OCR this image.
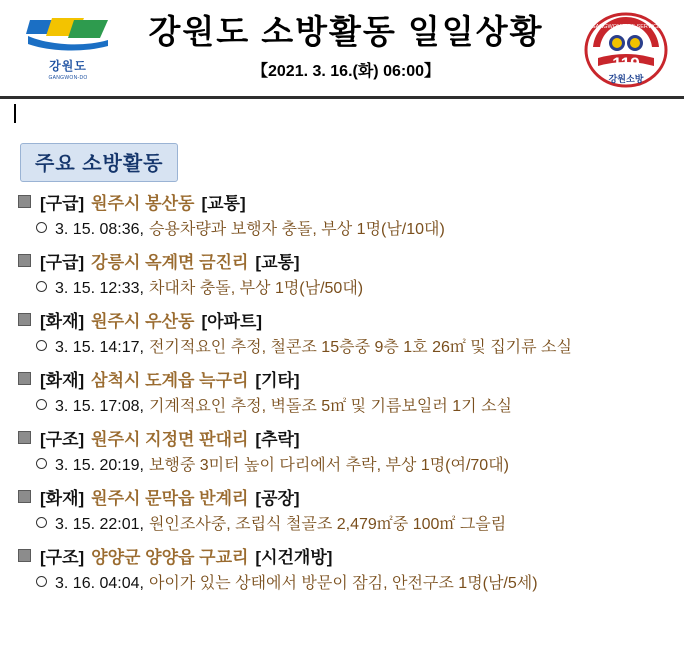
강원도
GANGWON-DO
강원도 소방활동 일일상황
【2021. 3. 16.(화) 06:00】
GANGWON FIRE SERVICE
119
강원소방
주요 소방활동
[구급] 원주시 봉산동 [교통]
3. 15. 08:36, 승용차량과 보행자 충돌, 부상 1명(남/10대)
[구급] 강릉시 옥계면 금진리 [교통]
3. 15. 12:33, 차대차 충돌, 부상 1명(남/50대)
[화재] 원주시 우산동 [아파트]
3. 15. 14:17, 전기적요인 추정, 철콘조 15층중 9층 1호 26㎡ 및 집기류 소실
[화재] 삼척시 도계읍 늑구리 [기타]
3. 15. 17:08, 기계적요인 추정, 벽돌조 5㎡ 및 기름보일러 1기 소실
[구조] 원주시 지정면 판대리 [추락]
3. 15. 20:19, 보행중 3미터 높이 다리에서 추락, 부상 1명(여/70대)
[화재] 원주시 문막읍 반계리 [공장]
3. 15. 22:01, 원인조사중, 조립식 철골조 2,479㎡중 100㎡ 그을림
[구조] 양양군 양양읍 구교리 [시건개방]
3. 16. 04:04, 아이가 있는 상태에서 방문이 잠김, 안전구조 1명(남/5세)
